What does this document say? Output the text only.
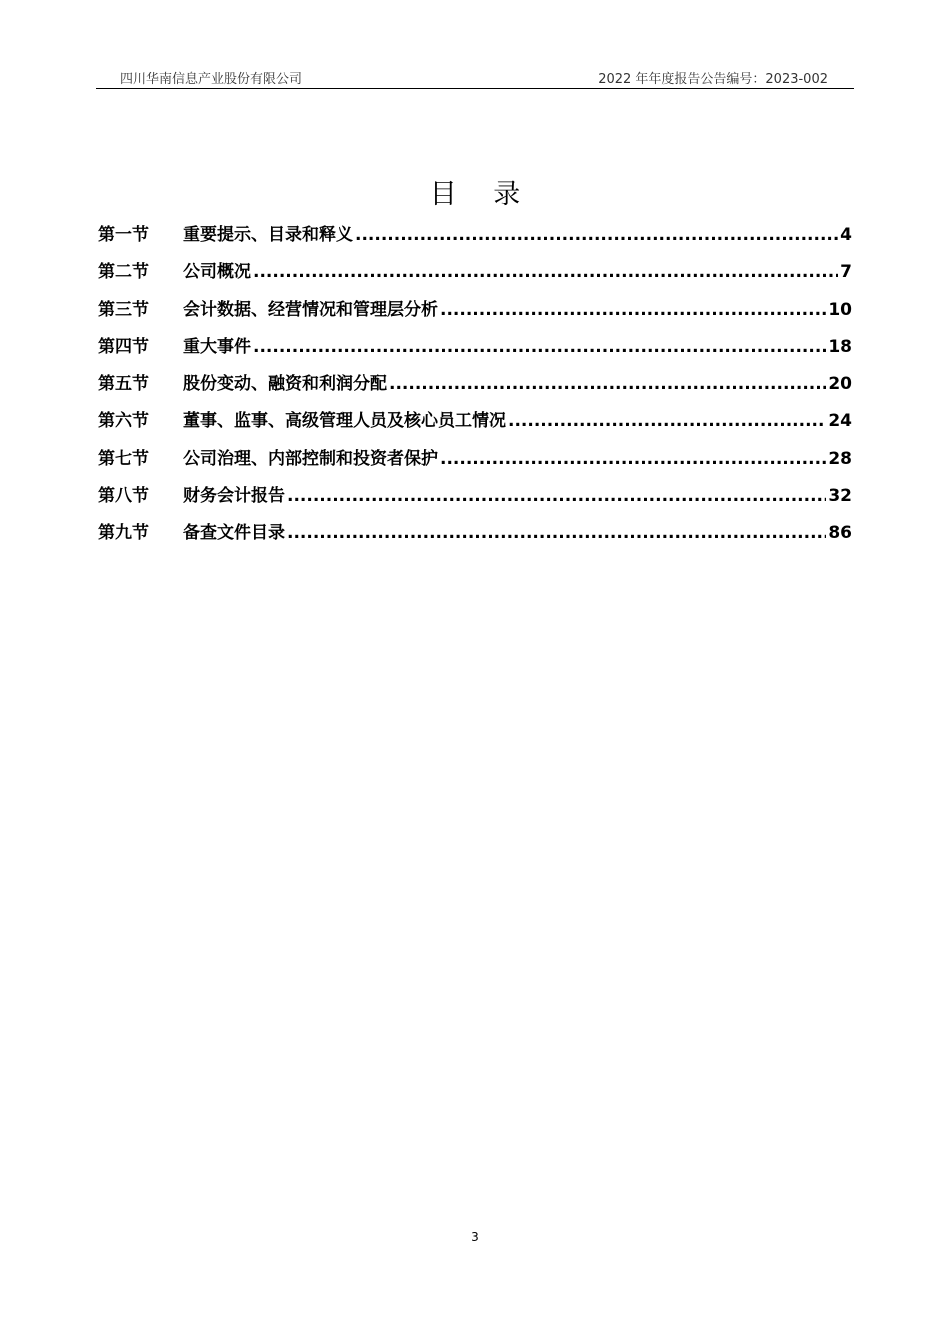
四川华南信息产业股份有限公司	2022 年年度报告公告编号：2023-002
目 录
第一节	重要提示、目录和释义 .....	4
第二节	公司概况 .....	7
第三节	会计数据、经营情况和管理层分析 .....	10
第四节	重大事件 .....	18
第五节	股份变动、融资和利润分配 .....	20
第六节	董事、监事、高级管理人员及核心员工情况 .....	24
第七节	公司治理、内部控制和投资者保护 .....	28
第八节	财务会计报告 .....	32
第九节	备查文件目录 .....	86
3
